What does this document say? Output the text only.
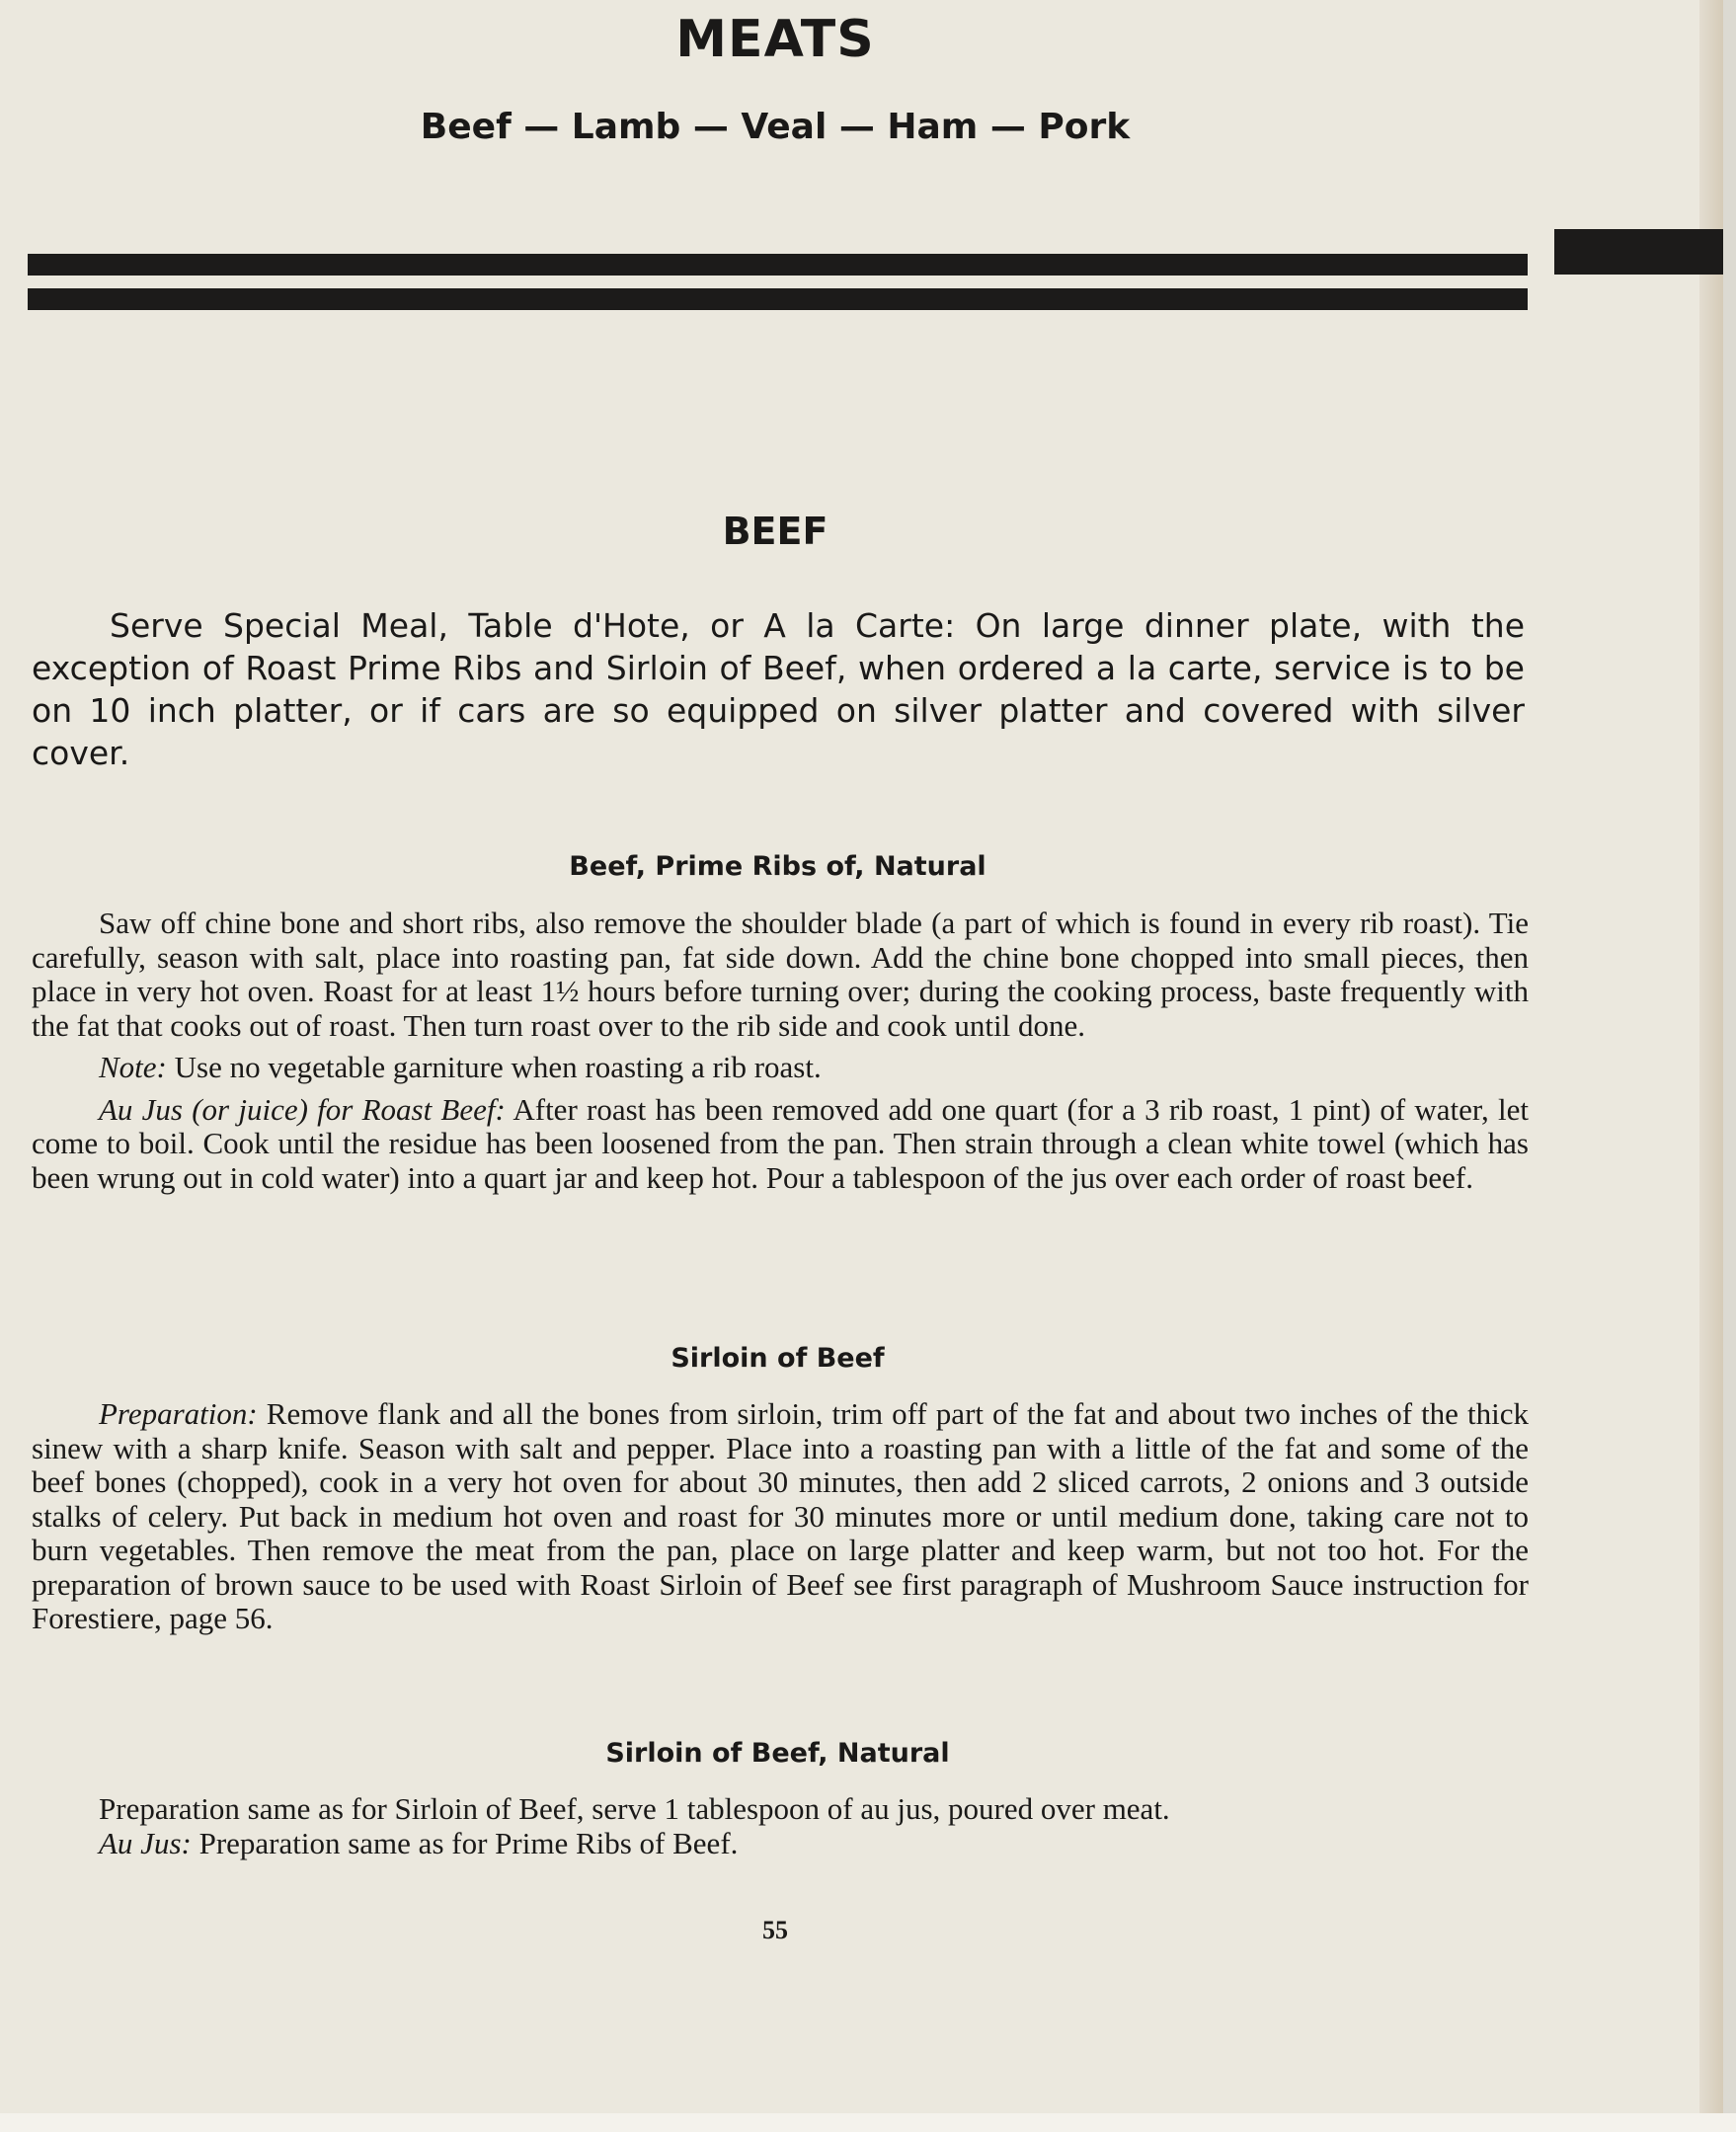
MEATS
Beef — Lamb — Veal — Ham — Pork
BEEF

Serve Special Meal, Table d'Hote, or A la Carte: On large dinner plate, with the exception of Roast Prime Ribs and Sirloin of Beef, when ordered a la carte, service is to be on 10 inch platter, or if cars are so equipped on silver platter and covered with silver cover.

Beef, Prime Ribs of, Natural

Saw off chine bone and short ribs, also remove the shoulder blade (a part of which is found in every rib roast). Tie carefully, season with salt, place into roasting pan, fat side down. Add the chine bone chopped into small pieces, then place in very hot oven. Roast for at least 1½ hours before turning over; during the cooking process, baste frequently with the fat that cooks out of roast. Then turn roast over to the rib side and cook until done.

Note: Use no vegetable garniture when roasting a rib roast.

Au Jus (or juice) for Roast Beef: After roast has been removed add one quart (for a 3 rib roast, 1 pint) of water, let come to boil. Cook until the residue has been loosened from the pan. Then strain through a clean white towel (which has been wrung out in cold water) into a quart jar and keep hot. Pour a tablespoon of the jus over each order of roast beef.

Sirloin of Beef

Preparation: Remove flank and all the bones from sirloin, trim off part of the fat and about two inches of the thick sinew with a sharp knife. Season with salt and pepper. Place into a roasting pan with a little of the fat and some of the beef bones (chopped), cook in a very hot oven for about 30 minutes, then add 2 sliced carrots, 2 onions and 3 outside stalks of celery. Put back in medium hot oven and roast for 30 minutes more or until medium done, taking care not to burn vegetables. Then remove the meat from the pan, place on large platter and keep warm, but not too hot. For the preparation of brown sauce to be used with Roast Sirloin of Beef see first paragraph of Mushroom Sauce instruction for Forestiere, page 56.

Sirloin of Beef, Natural

Preparation same as for Sirloin of Beef, serve 1 tablespoon of au jus, poured over meat.

Au Jus: Preparation same as for Prime Ribs of Beef.

55
